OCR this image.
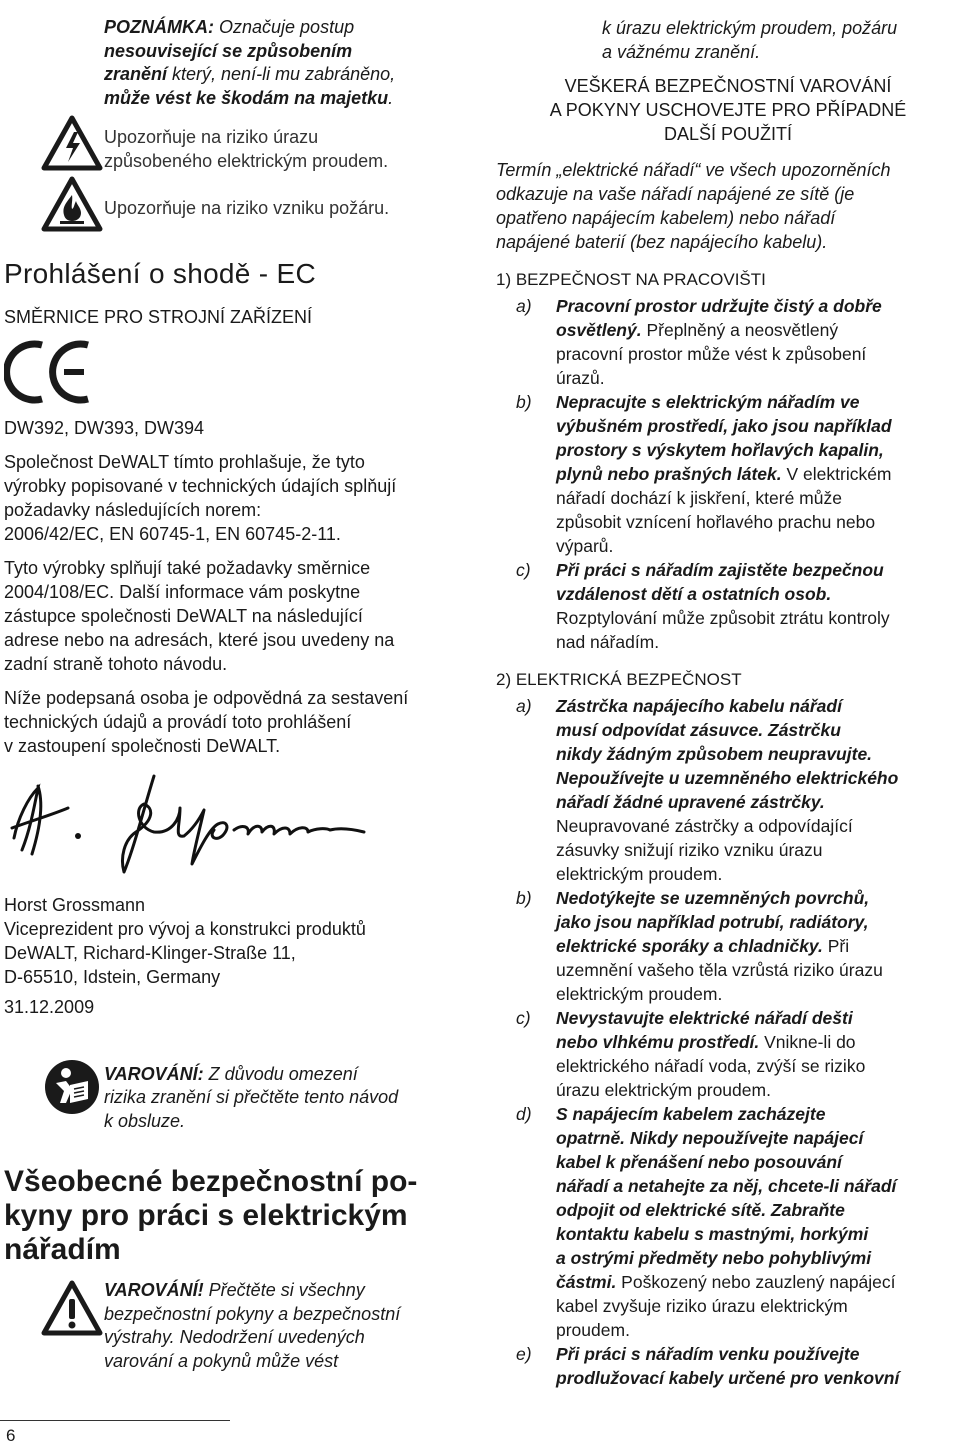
POZNÁMKA: Označuje postup

nesouvisející se způsobením

zranění který, není-li mu zabráněno,

může vést ke škodám na majetku.

Upozorňuje na riziko úrazu

způsobeného elektrickým proudem.

Upozorňuje na riziko vzniku požáru.

Prohlášení o shodě - EC

SMĚRNICE PRO STROJNÍ ZAŘÍZENÍ

DW392, DW393, DW394

Společnost DeWALT tímto prohlašuje, že tyto

výrobky popisované v technických údajích splňují

požadavky následujících norem:

2006/42/EC, EN 60745-1, EN 60745-2-11.

Tyto výrobky splňují také požadavky směrnice

2004/108/EC. Další informace vám poskytne

zástupce společnosti DeWALT na následující

adrese nebo na adresách, které jsou uvedeny na

zadní straně tohoto návodu.

Níže podepsaná osoba je odpovědná za sestavení

technických údajů a provádí toto prohlášení

v zastoupení společnosti DeWALT.

Horst Grossmann

Viceprezident pro vývoj a konstrukci produktů

DeWALT, Richard-Klinger-Straße 11,

D-65510, Idstein, Germany

31.12.2009

VAROVÁNÍ: Z důvodu omezení

rizika zranění si přečtěte tento návod

k obsluze.

Všeobecné bezpečnostní po-

kyny pro práci s elektrickým

nářadím

VAROVÁNÍ! Přečtěte si všechny

bezpečnostní pokyny a bezpečnostní

výstrahy. Nedodržení uvedených

varování a pokynů může vést

k úrazu elektrickým proudem, požáru

a vážnému zranění.

VEŠKERÁ BEZPEČNOSTNÍ VAROVÁNÍ

A POKYNY USCHOVEJTE PRO PŘÍPADNÉ

DALŠÍ POUŽITÍ

Termín „elektrické nářadí“ ve všech upozorněních

odkazuje na vaše nářadí napájené ze sítě (je

opatřeno napájecím kabelem) nebo nářadí

napájené baterií (bez napájecího kabelu).

1) BEZPEČNOST NA PRACOVIŠTI

a)	Pracovní prostor udržujte čistý a dobře

osvětlený. Přeplněný a neosvětlený

pracovní prostor může vést k způsobení

úrazů.

b)	Nepracujte s elektrickým nářadím ve

výbušném prostředí, jako jsou například

prostory s výskytem hořlavých kapalin,

plynů nebo prašných látek. V elektrickém

nářadí dochází k jiskření, které může

způsobit vznícení hořlavého prachu nebo

výparů.

c)	Při práci s nářadím zajistěte bezpečnou

vzdálenost dětí a ostatních osob.

Rozptylování může způsobit ztrátu kontroly

nad nářadím.

2) ELEKTRICKÁ BEZPEČNOST

a)	Zástrčka napájecího kabelu nářadí

musí odpovídat zásuvce. Zástrčku

nikdy žádným způsobem neupravujte.

Nepoužívejte u uzemněného elektrického

nářadí žádné upravené zástrčky.

Neupravované zástrčky a odpovídající

zásuvky snižují riziko vzniku úrazu

elektrickým proudem.

b)	Nedotýkejte se uzemněných povrchů,

jako jsou například potrubí, radiátory,

elektrické sporáky a chladničky. Při

uzemnění vašeho těla vzrůstá riziko úrazu

elektrickým proudem.

c)	Nevystavujte elektrické nářadí dešti

nebo vlhkému prostředí. Vnikne-li do

elektrického nářadí voda, zvýší se riziko

úrazu elektrickým proudem.

d)	S napájecím kabelem zacházejte

opatrně. Nikdy nepoužívejte napájecí

kabel k přenášení nebo posouvání

nářadí a netahejte za něj, chcete-li nářadí

odpojit od elektrické sítě. Zabraňte

kontaktu kabelu s mastnými, horkými

a ostrými předměty nebo pohyblivými

částmi. Poškozený nebo zauzlený napájecí

kabel zvyšuje riziko úrazu elektrickým

proudem.

e)	Při práci s nářadím venku používejte

prodlužovací kabely určené pro venkovní

6
